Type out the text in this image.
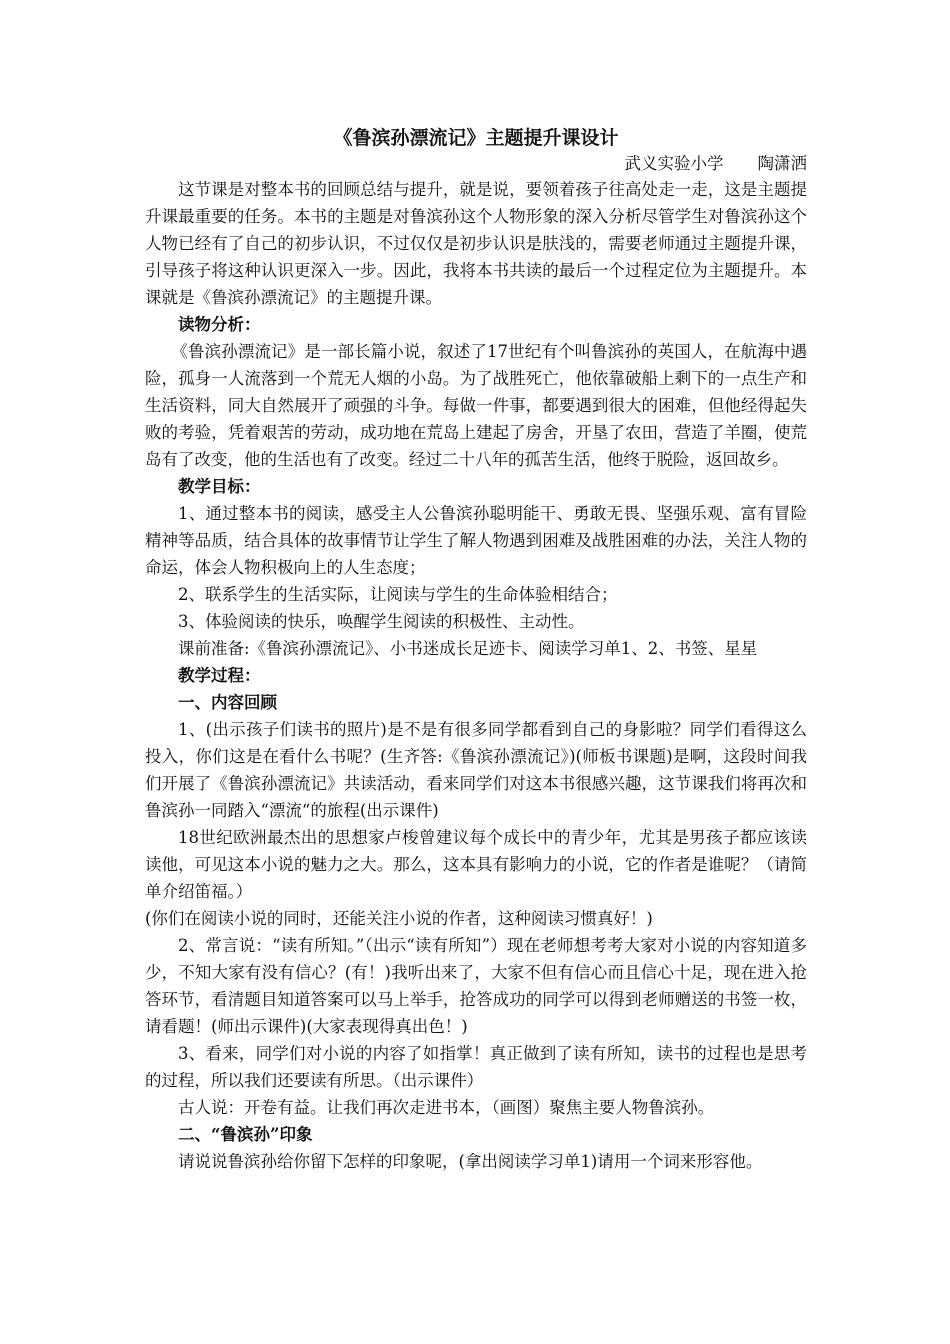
《鲁滨孙漂流记》主题提升课设计

武义实验小学 陶潇洒

这节课是对整本书的回顾总结与提升，就是说，要领着孩子往高处走一走，这是主题提升课最重要的任务。本书的主题是对鲁滨孙这个人物形象的深入分析尽管学生对鲁滨孙这个人物已经有了自己的初步认识，不过仅仅是初步认识是肤浅的，需要老师通过主题提升课，引导孩子将这种认识更深入一步。因此，我将本书共读的最后一个过程定位为主题提升。本课就是《鲁滨孙漂流记》的主题提升课。

读物分析：

《鲁滨孙漂流记》是一部长篇小说，叙述了17世纪有个叫鲁滨孙的英国人，在航海中遇险，孤身一人流落到一个荒无人烟的小岛。为了战胜死亡，他依靠破船上剩下的一点生产和生活资料，同大自然展开了顽强的斗争。每做一件事，都要遇到很大的困难，但他经得起失败的考验，凭着艰苦的劳动，成功地在荒岛上建起了房舍，开垦了农田，营造了羊圈，使荒岛有了改变，他的生活也有了改变。经过二十八年的孤苦生活，他终于脱险，返回故乡。

教学目标：

1、通过整本书的阅读，感受主人公鲁滨孙聪明能干、勇敢无畏、坚强乐观、富有冒险精神等品质，结合具体的故事情节让学生了解人物遇到困难及战胜困难的办法，关注人物的命运，体会人物积极向上的人生态度；

2、联系学生的生活实际，让阅读与学生的生命体验相结合；

3、体验阅读的快乐，唤醒学生阅读的积极性、主动性。

课前准备:《鲁滨孙漂流记》、小书迷成长足迹卡、阅读学习单1、2、书签、星星

教学过程：

一、内容回顾

1、(出示孩子们读书的照片)是不是有很多同学都看到自己的身影啦？同学们看得这么投入，你们这是在看什么书呢？(生齐答:《鲁滨孙漂流记》)(师板书课题)是啊，这段时间我们开展了《鲁滨孙漂流记》共读活动，看来同学们对这本书很感兴趣，这节课我们将再次和鲁滨孙一同踏入“漂流“的旅程(出示课件)

18世纪欧洲最杰出的思想家卢梭曾建议每个成长中的青少年，尤其是男孩子都应该读读他，可见这本小说的魅力之大。那么，这本具有影响力的小说，它的作者是谁呢？（请简单介绍笛福。）

(你们在阅读小说的同时，还能关注小说的作者，这种阅读习惯真好！)

2、常言说：“读有所知。”（出示“读有所知”）现在老师想考考大家对小说的内容知道多少，不知大家有没有信心？(有！)我听出来了，大家不但有信心而且信心十足，现在进入抢答环节，看清题目知道答案可以马上举手，抢答成功的同学可以得到老师赠送的书签一枚，请看题！(师出示课件)(大家表现得真出色！)

3、看来，同学们对小说的内容了如指掌！真正做到了读有所知，读书的过程也是思考的过程，所以我们还要读有所思。（出示课件）

古人说：开卷有益。让我们再次走进书本，（画图）聚焦主要人物鲁滨孙。

二、“鲁滨孙”印象

请说说鲁滨孙给你留下怎样的印象呢，(拿出阅读学习单1)请用一个词来形容他。
